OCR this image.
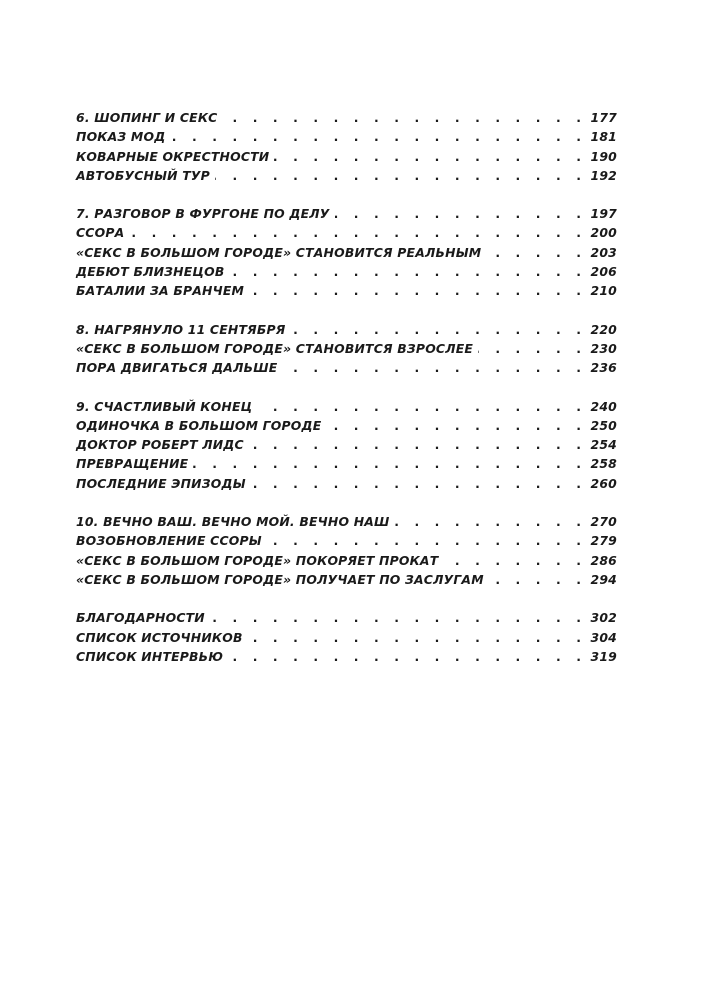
6. ШОПИНГ И СЕКС . . .	177
ПОКАЗ МОД . . .	181
КОВАРНЫЕ ОКРЕСТНОСТИ . . .	190
АВТОБУСНЫЙ ТУР . . .	192
7. РАЗГОВОР В ФУРГОНЕ ПО ДЕЛУ . . .	197
ССОРА . . .	200
«СЕКС В БОЛЬШОМ ГОРОДЕ» СТАНОВИТСЯ РЕАЛЬНЫМ . . .	203
ДЕБЮТ БЛИЗНЕЦОВ . . .	206
БАТАЛИИ ЗА БРАНЧЕМ . . .	210
8. НАГРЯНУЛО 11 СЕНТЯБРЯ . . .	220
«СЕКС В БОЛЬШОМ ГОРОДЕ» СТАНОВИТСЯ ВЗРОСЛЕЕ . . .	230
ПОРА ДВИГАТЬСЯ ДАЛЬШЕ . . .	236
9. СЧАСТЛИВЫЙ КОНЕЦ . . .	240
ОДИНОЧКА В БОЛЬШОМ ГОРОДЕ . . .	250
ДОКТОР РОБЕРТ ЛИДС . . .	254
ПРЕВРАЩЕНИЕ . . .	258
ПОСЛЕДНИЕ ЭПИЗОДЫ . . .	260
10. ВЕЧНО ВАШ. ВЕЧНО МОЙ. ВЕЧНО НАШ . . .	270
ВОЗОБНОВЛЕНИЕ ССОРЫ . . .	279
«СЕКС В БОЛЬШОМ ГОРОДЕ» ПОКОРЯЕТ ПРОКАТ . . .	286
«СЕКС В БОЛЬШОМ ГОРОДЕ» ПОЛУЧАЕТ ПО ЗАСЛУГАМ . . .	294
БЛАГОДАРНОСТИ . . .	302
СПИСОК ИСТОЧНИКОВ . . .	304
СПИСОК ИНТЕРВЬЮ . . .	319
